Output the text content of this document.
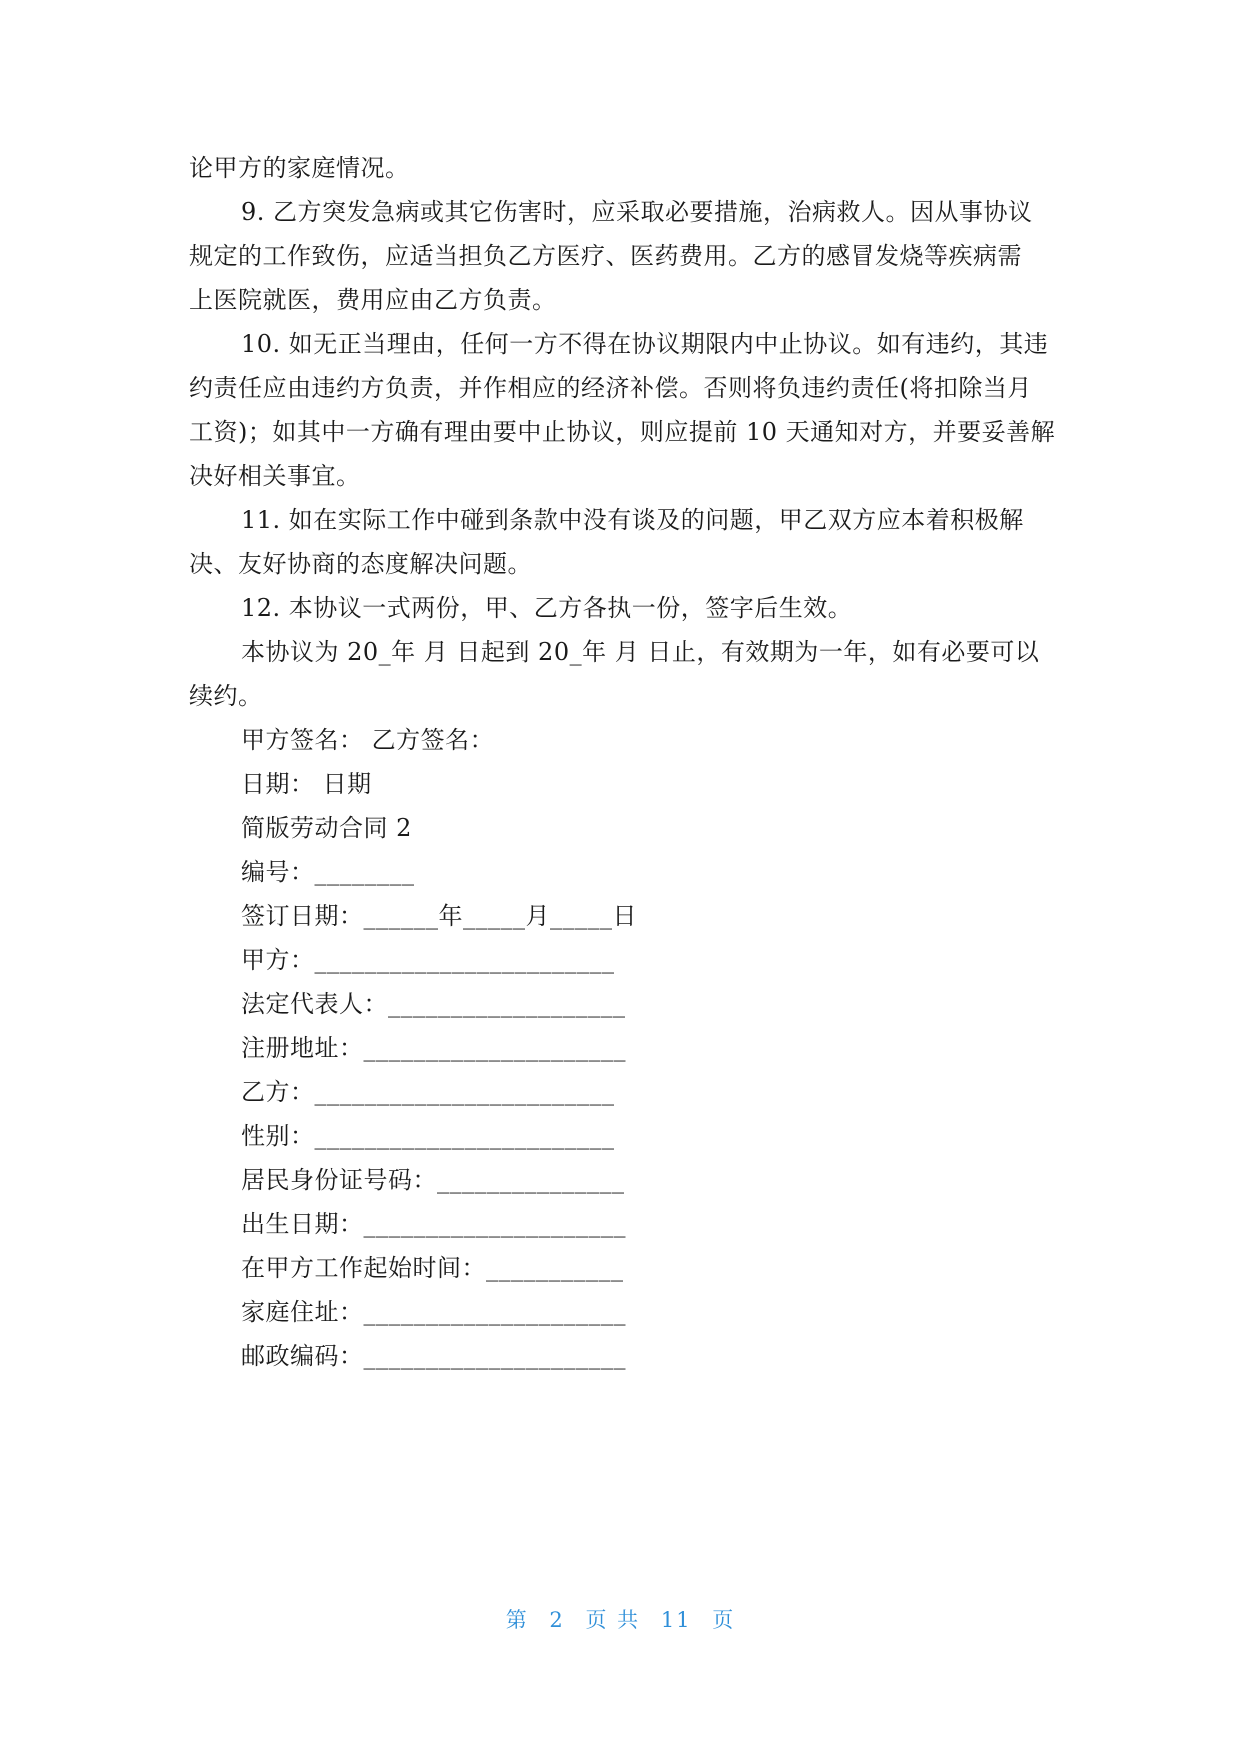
论甲方的家庭情况。
9. 乙方突发急病或其它伤害时，应采取必要措施，治病救人。因从事协议
规定的工作致伤，应适当担负乙方医疗、医药费用。乙方的感冒发烧等疾病需
上医院就医，费用应由乙方负责。
10. 如无正当理由，任何一方不得在协议期限内中止协议。如有违约，其违
约责任应由违约方负责，并作相应的经济补偿。否则将负违约责任(将扣除当月
工资)；如其中一方确有理由要中止协议，则应提前 10 天通知对方，并要妥善解
决好相关事宜。
11. 如在实际工作中碰到条款中没有谈及的问题，甲乙双方应本着积极解
决、友好协商的态度解决问题。
12. 本协议一式两份，甲、乙方各执一份，签字后生效。
本协议为 20_年 月 日起到 20_年 月 日止，有效期为一年，如有必要可以
续约。
甲方签名： 乙方签名：
日期： 日期
简版劳动合同 2
编号：________
签订日期：______年_____月_____日
甲方：________________________
法定代表人：___________________
注册地址：_____________________
乙方：________________________
性别：________________________
居民身份证号码：_______________
出生日期：_____________________
在甲方工作起始时间：___________
家庭住址：_____________________
邮政编码：_____________________
第 2 页 共 11 页
